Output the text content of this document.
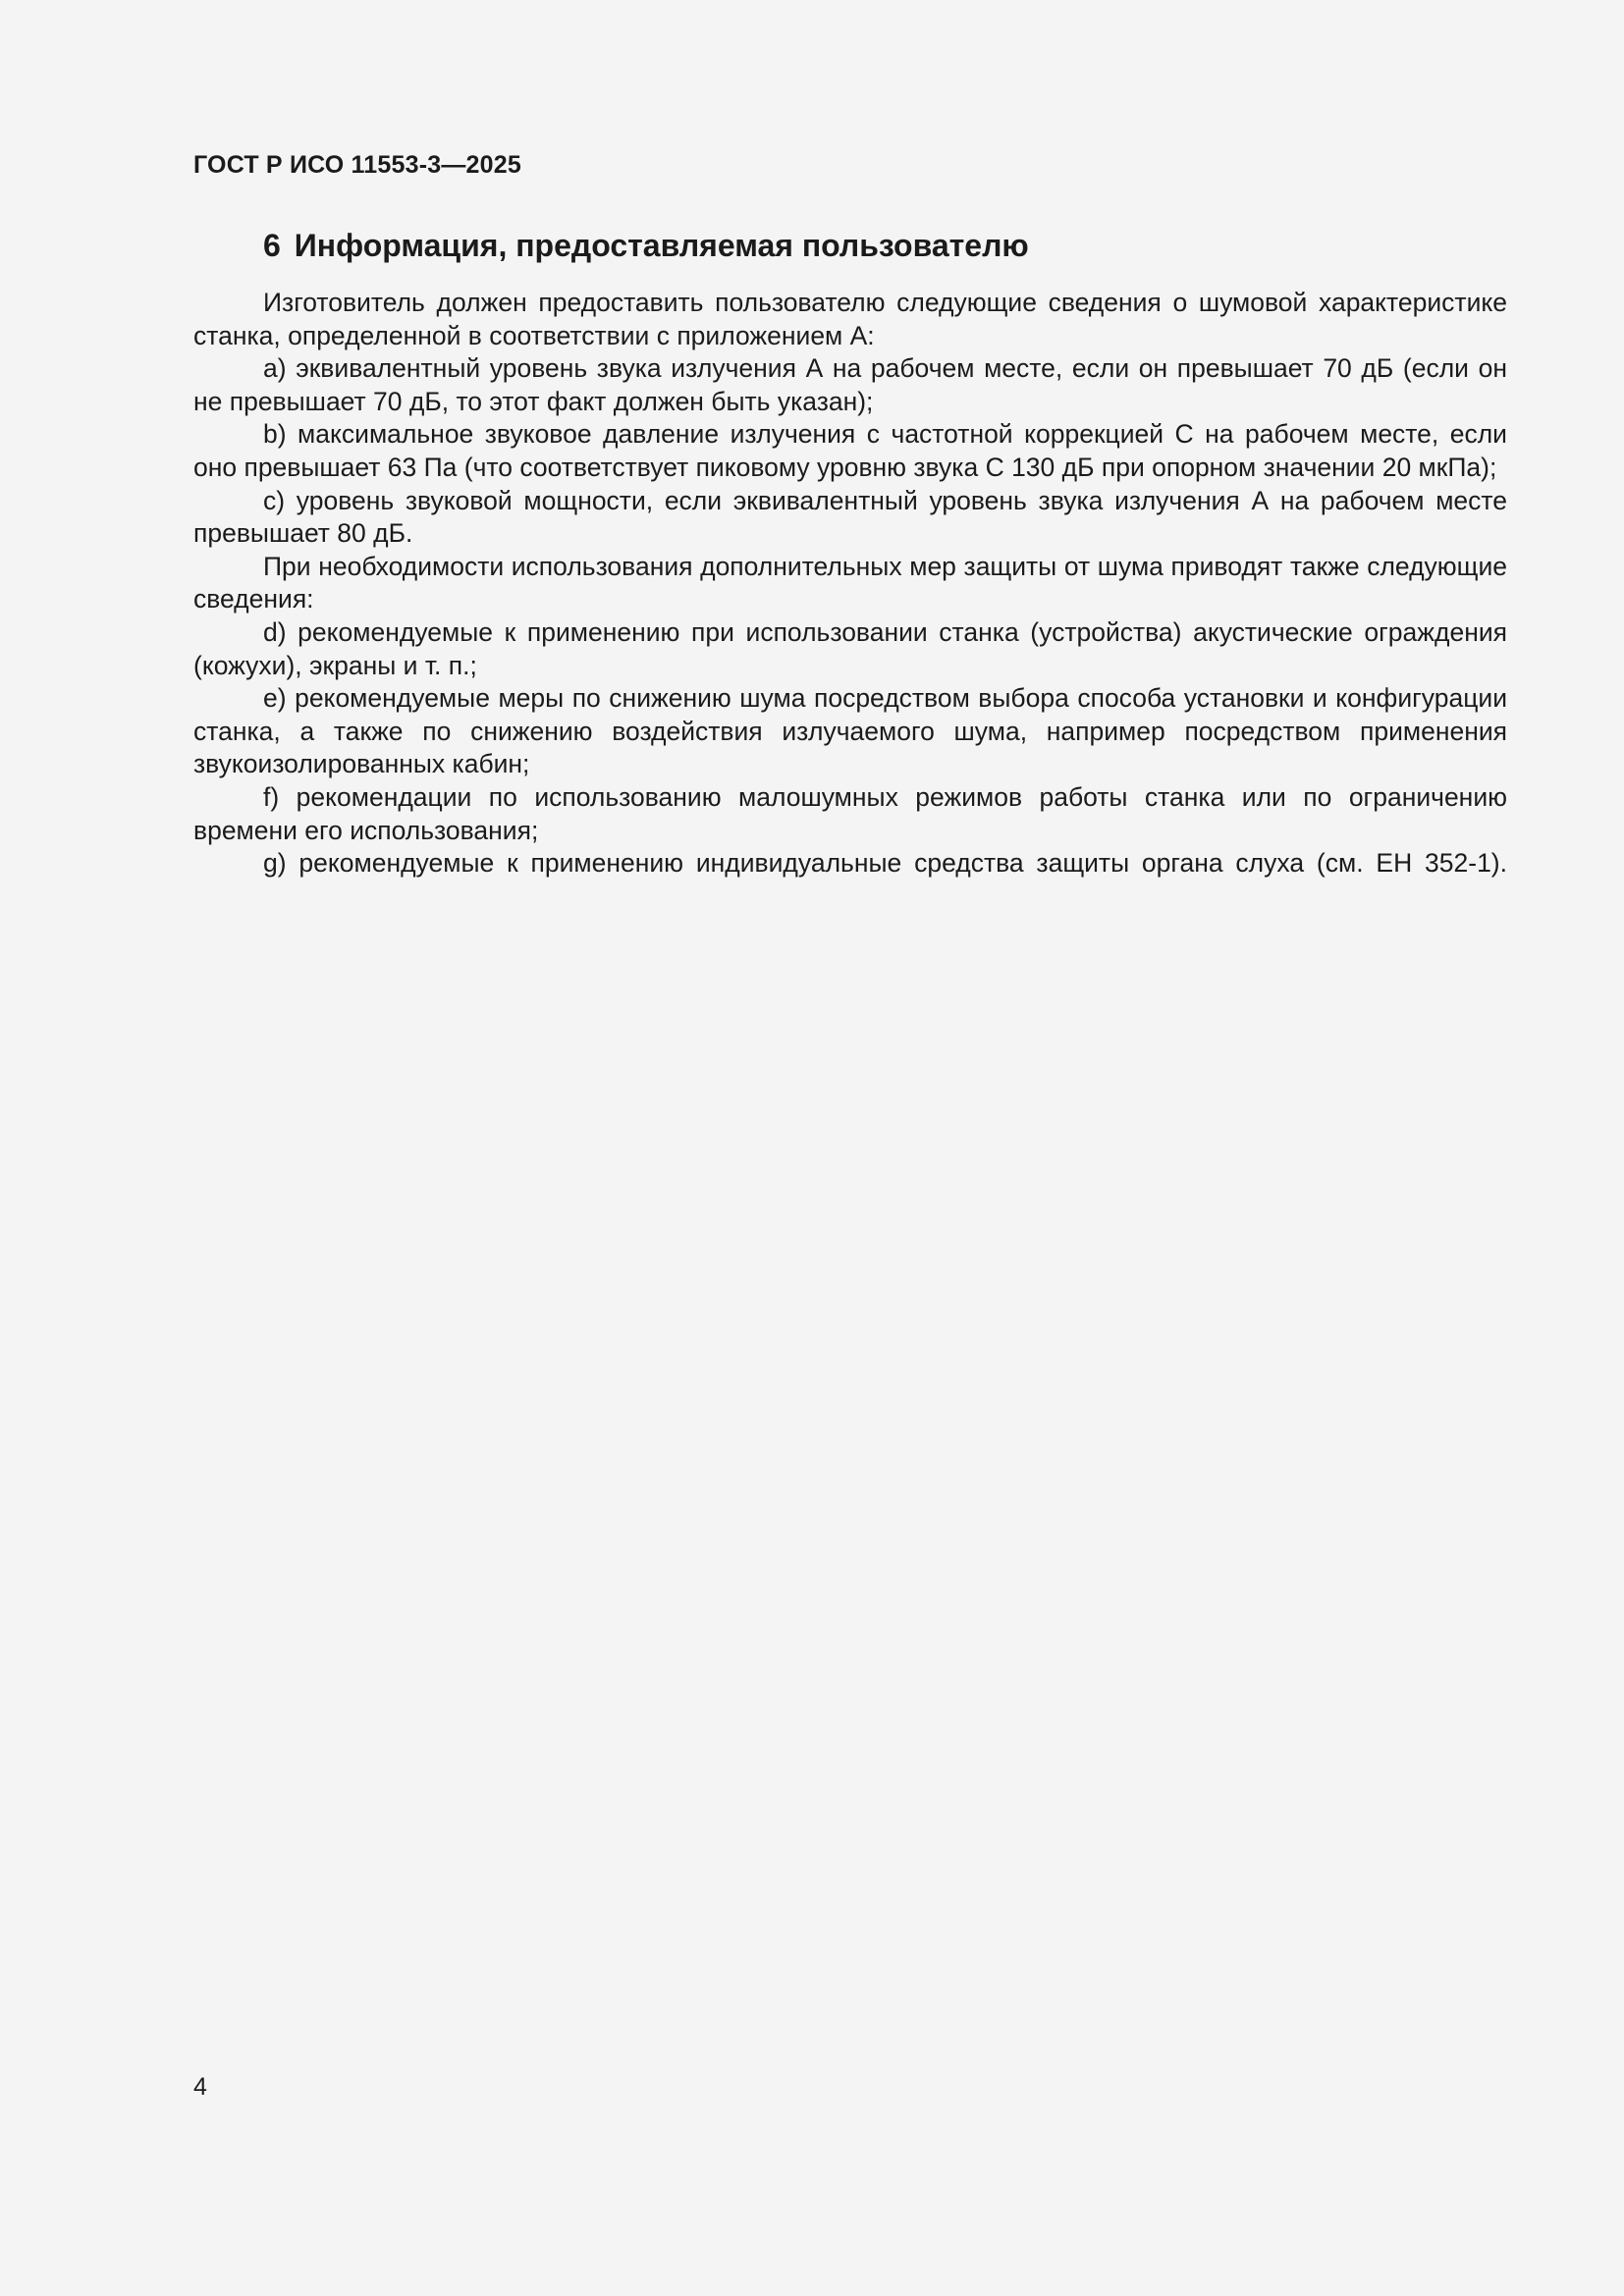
ГОСТ Р ИСО 11553-3—2025
6 Информация, предоставляемая пользователю

Изготовитель должен предоставить пользователю следующие сведения о шумовой характеристике станка, определенной в соответствии с приложением А:

a) эквивалентный уровень звука излучения А на рабочем месте, если он превышает 70 дБ (если он не превышает 70 дБ, то этот факт должен быть указан);

b) максимальное звуковое давление излучения с частотной коррекцией С на рабочем месте, если оно превышает 63 Па (что соответствует пиковому уровню звука С 130 дБ при опорном значении 20 мкПа);

c) уровень звуковой мощности, если эквивалентный уровень звука излучения А на рабочем месте превышает 80 дБ.

При необходимости использования дополнительных мер защиты от шума приводят также следующие сведения:

d) рекомендуемые к применению при использовании станка (устройства) акустические ограждения (кожухи), экраны и т. п.;

e) рекомендуемые меры по снижению шума посредством выбора способа установки и конфигурации станка, а также по снижению воздействия излучаемого шума, например посредством применения звукоизолированных кабин;

f) рекомендации по использованию малошумных режимов работы станка или по ограничению времени его использования;

g) рекомендуемые к применению индивидуальные средства защиты органа слуха (см. ЕН 352-1).

4
